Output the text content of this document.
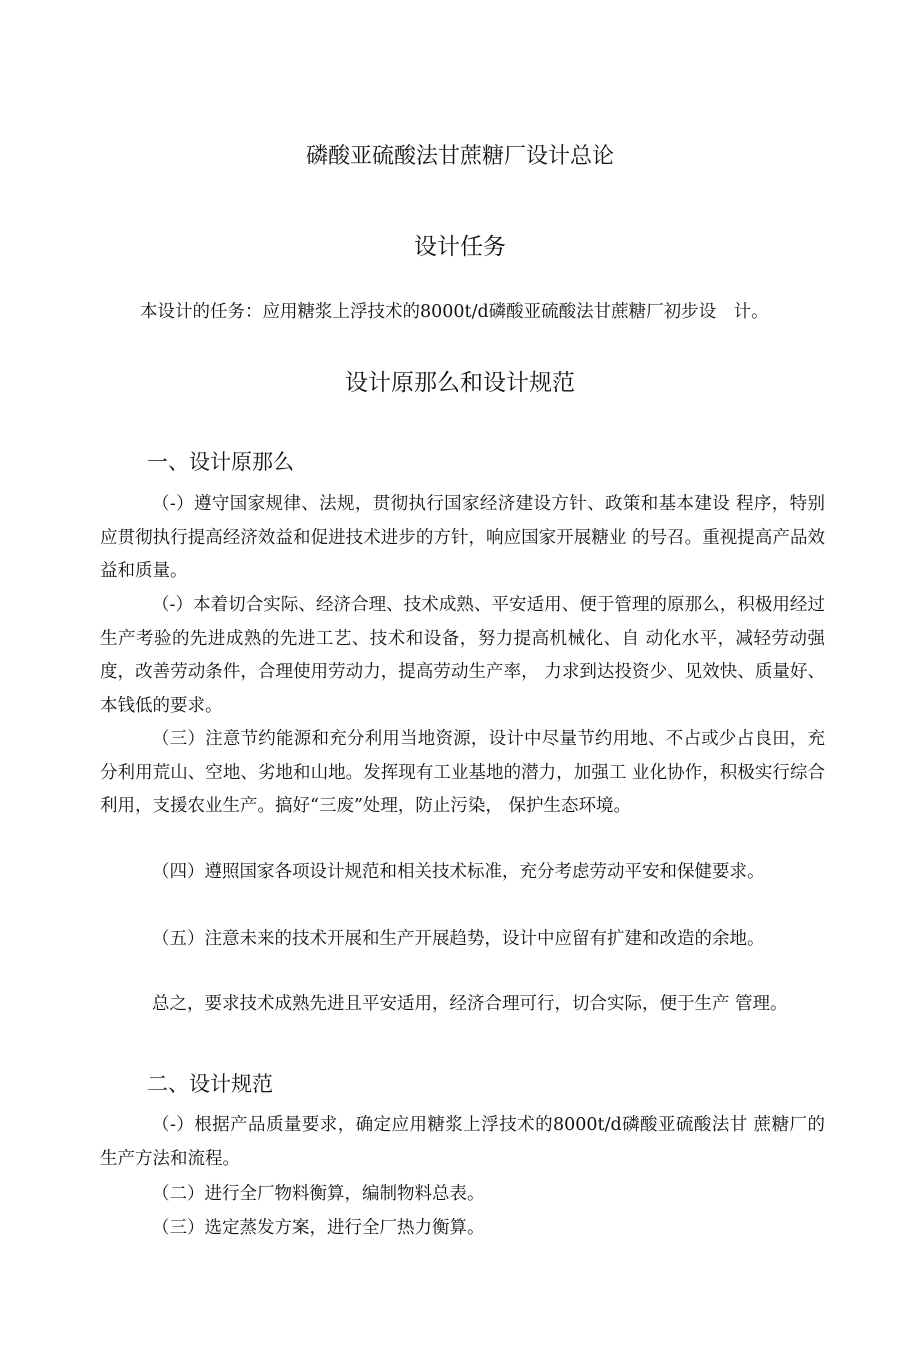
磷酸亚硫酸法甘蔗糖厂设计总论
设计任务

本设计的任务：应用糖浆上浮技术的8000t/d磷酸亚硫酸法甘蔗糖厂初步设　计。

设计原那么和设计规范
一、设计原那么

（-）遵守国家规律、法规，贯彻执行国家经济建设方针、政策和基本建设 程序，特别应贯彻执行提高经济效益和促进技术进步的方针，响应国家开展糖业 的号召。重视提高产品效益和质量。

（-）本着切合实际、经济合理、技术成熟、平安适用、便于管理的原那么，积极用经过生产考验的先进成熟的先进工艺、技术和设备，努力提高机械化、自 动化水平，减轻劳动强度，改善劳动条件，合理使用劳动力，提高劳动生产率， 力求到达投资少、见效快、质量好、本钱低的要求。

（三）注意节约能源和充分利用当地资源，设计中尽量节约用地、不占或少占良田，充分利用荒山、空地、劣地和山地。发挥现有工业基地的潜力，加强工 业化协作，积极实行综合利用，支援农业生产。搞好“三废”处理，防止污染， 保护生态环境。

（四）遵照国家各项设计规范和相关技术标准，充分考虑劳动平安和保健要求。

（五）注意未来的技术开展和生产开展趋势，设计中应留有扩建和改造的余地。

总之，要求技术成熟先进且平安适用，经济合理可行，切合实际，便于生产 管理。

二、设计规范

（-）根据产品质量要求，确定应用糖浆上浮技术的8000t/d磷酸亚硫酸法甘 蔗糖厂的生产方法和流程。

（二）进行全厂物料衡算，编制物料总表。

（三）选定蒸发方案，进行全厂热力衡算。
